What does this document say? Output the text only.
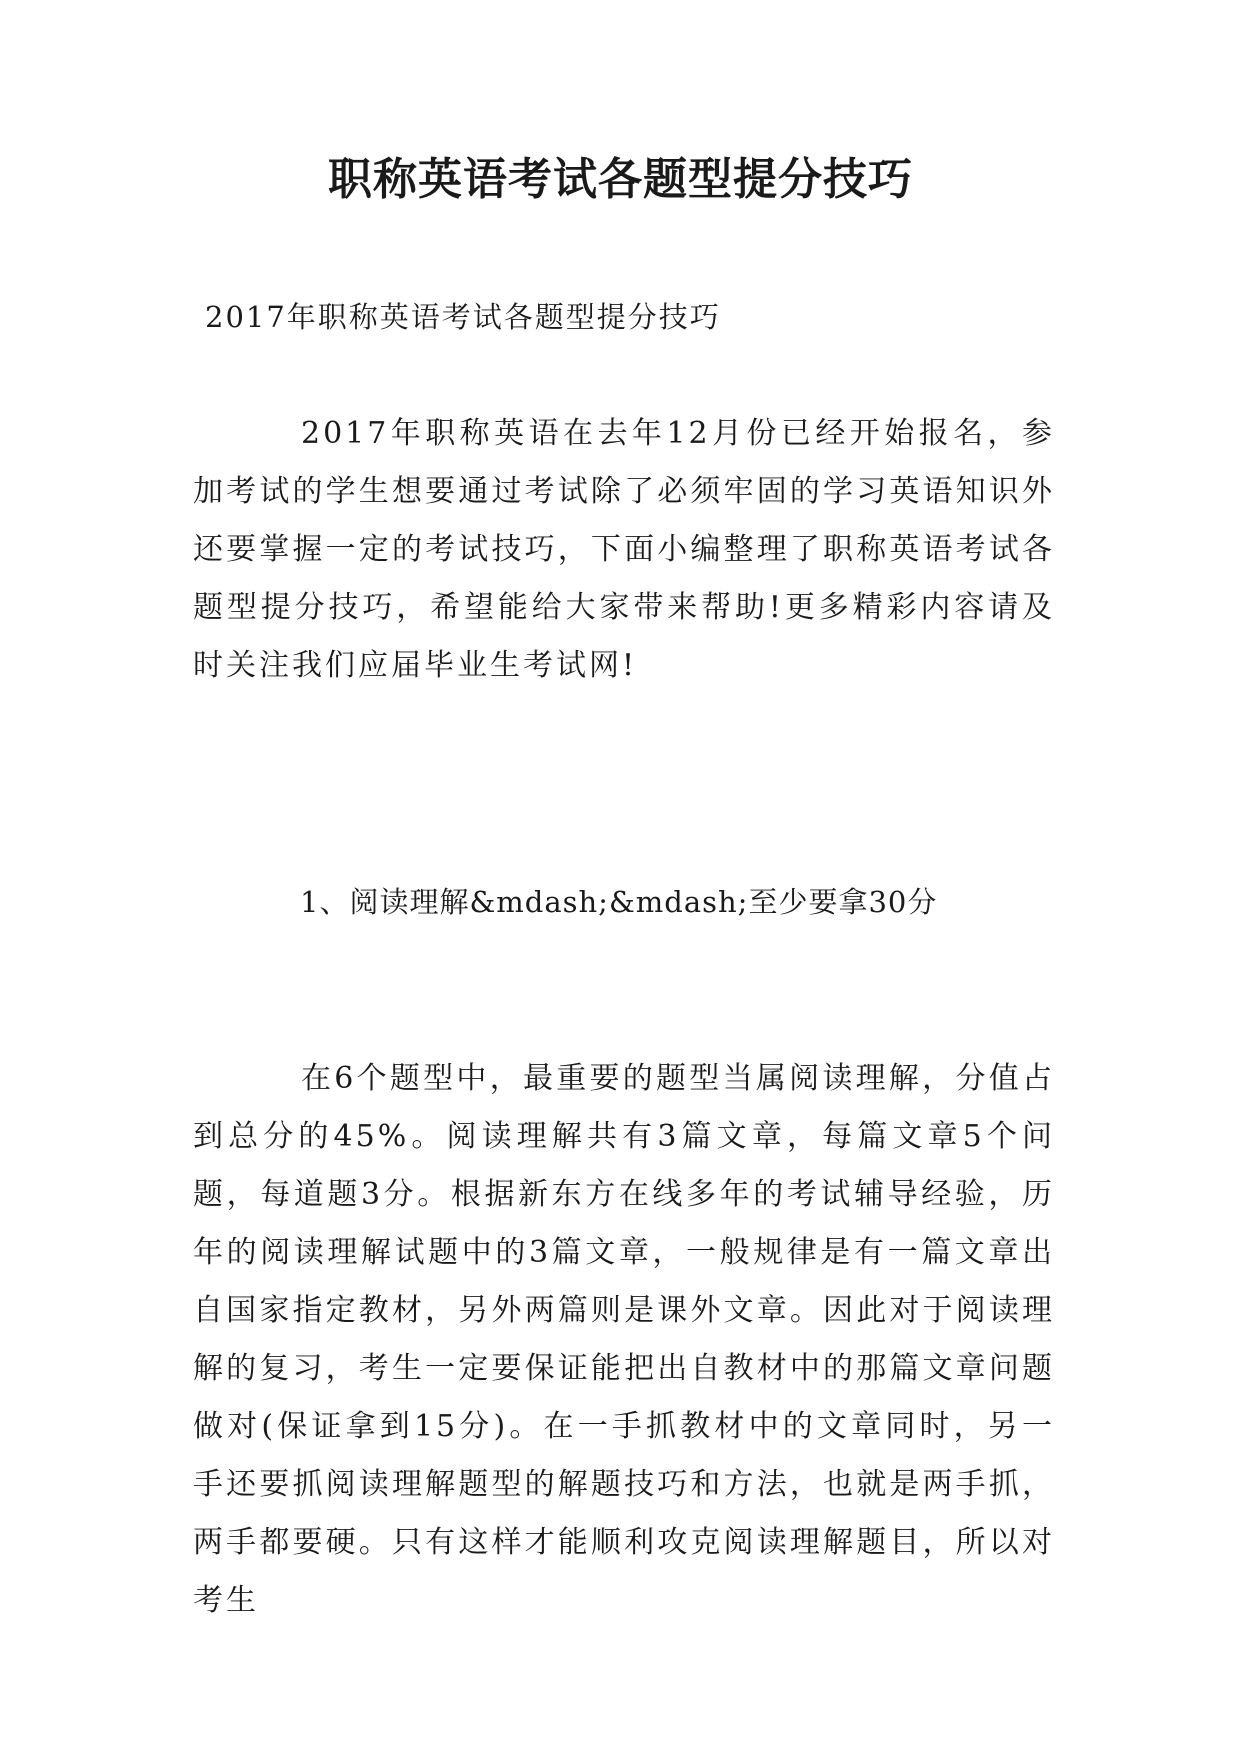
职称英语考试各题型提分技巧

2017年职称英语考试各题型提分技巧

2017年职称英语在去年12月份已经开始报名，参加考试的学生想要通过考试除了必须牢固的学习英语知识外还要掌握一定的考试技巧，下面小编整理了职称英语考试各题型提分技巧，希望能给大家带来帮助!更多精彩内容请及时关注我们应届毕业生考试网!

1、阅读理解&mdash;&mdash;至少要拿30分

在6个题型中，最重要的题型当属阅读理解，分值占到总分的45%。阅读理解共有3篇文章，每篇文章5个问题，每道题3分。根据新东方在线多年的考试辅导经验，历年的阅读理解试题中的3篇文章，一般规律是有一篇文章出自国家指定教材，另外两篇则是课外文章。因此对于阅读理解的复习，考生一定要保证能把出自教材中的那篇文章问题做对(保证拿到15分)。在一手抓教材中的文章同时，另一手还要抓阅读理解题型的解题技巧和方法，也就是两手抓，两手都要硬。只有这样才能顺利攻克阅读理解题目，所以对考生
